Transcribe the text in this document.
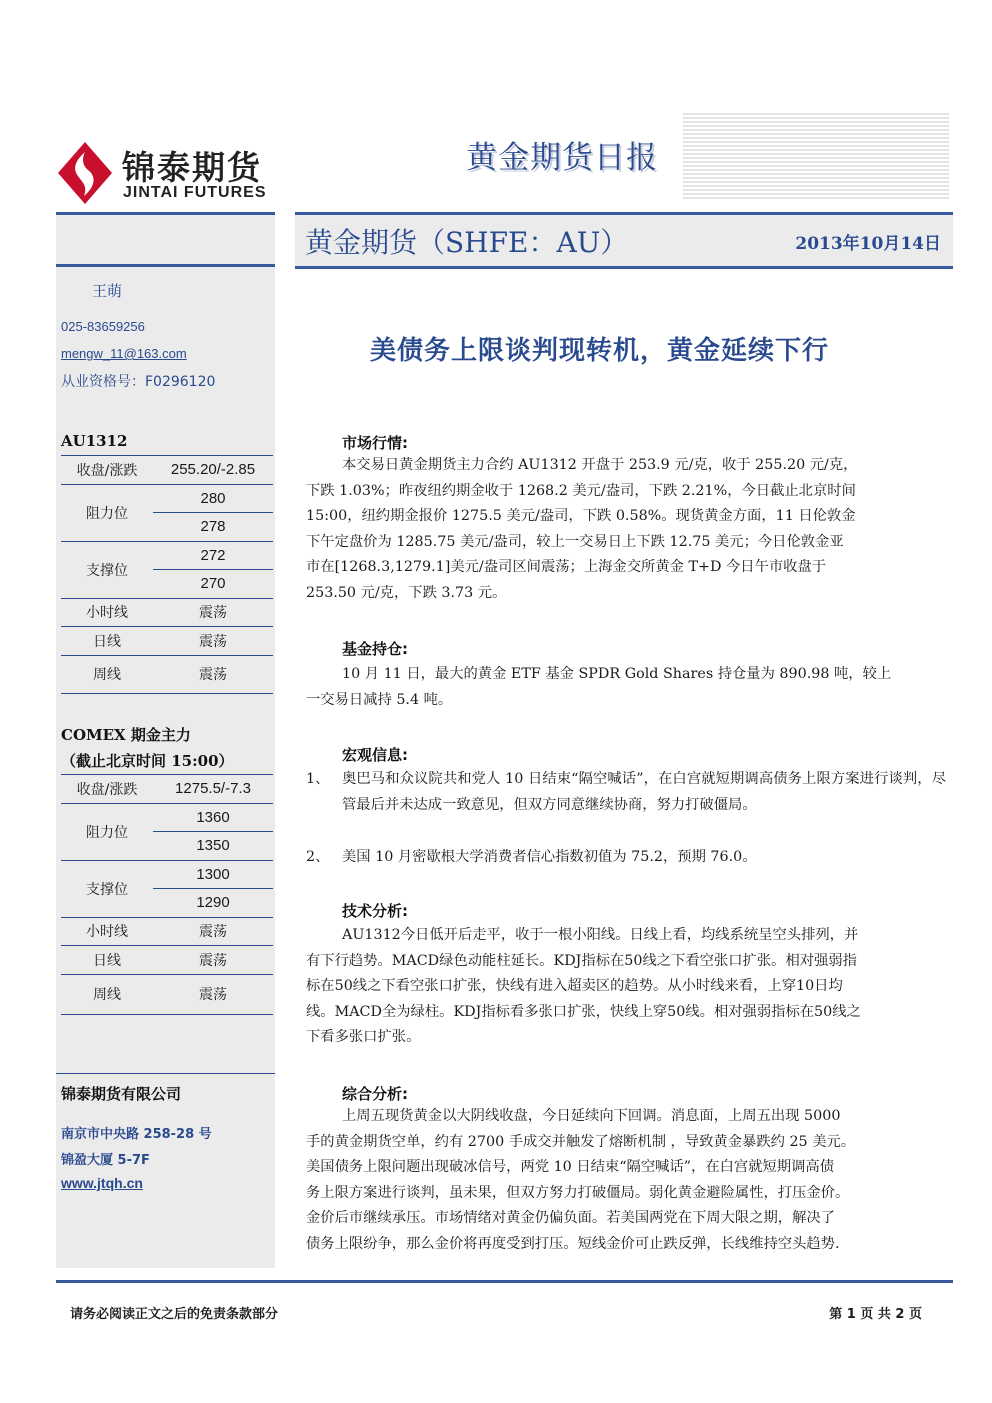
锦泰期货
JINTAI FUTURES
黄金期货日报
黄金期货（SHFE：AU）	2013年10月14日
王萌
025-83659256
mengw_11@163.com
从业资格号：F0296120
AU1312
收盘/涨跌	255.20/-2.85
阻力位	280
	278
支撑位	272
	270
小时线	震荡
日线	震荡
周线	震荡
COMEX 期金主力
（截止北京时间 15:00）
收盘/涨跌	1275.5/-7.3
阻力位	1360
	1350
支撑位	1300
	1290
小时线	震荡
日线	震荡
周线	震荡
锦泰期货有限公司
南京市中央路 258-28 号
锦盈大厦 5-7F
www.jtqh.cn
美债务上限谈判现转机，黄金延续下行
市场行情:
本交易日黄金期货主力合约 AU1312 开盘于 253.9 元/克，收于 255.20 元/克，
下跌 1.03%；昨夜纽约期金收于 1268.2 美元/盎司，下跌 2.21%，今日截止北京时间
15:00，纽约期金报价 1275.5 美元/盎司，下跌 0.58%。现货黄金方面，11 日伦敦金
下午定盘价为 1285.75 美元/盎司，较上一交易日上下跌 12.75 美元；今日伦敦金亚
市在[1268.3,1279.1]美元/盎司区间震荡；上海金交所黄金 T+D 今日午市收盘于
253.50 元/克，下跌 3.73 元。
基金持仓:
10 月 11 日，最大的黄金 ETF 基金 SPDR Gold Shares 持仓量为 890.98 吨，较上
一交易日减持 5.4 吨。
宏观信息:
1、 奥巴马和众议院共和党人 10 日结束“隔空喊话”，在白宫就短期调高债务上限方案进行谈判，尽管最后并未达成一致意见，但双方同意继续协商，努力打破僵局。
2、 美国 10 月密歇根大学消费者信心指数初值为 75.2，预期 76.0。
技术分析:
AU1312今日低开后走平，收于一根小阳线。日线上看，均线系统呈空头排列，并
有下行趋势。MACD绿色动能柱延长。KDJ指标在50线之下看空张口扩张。相对强弱指
标在50线之下看空张口扩张，快线有进入超卖区的趋势。从小时线来看，上穿10日均
线。MACD全为绿柱。KDJ指标看多张口扩张，快线上穿50线。相对强弱指标在50线之
下看多张口扩张。
综合分析:
上周五现货黄金以大阴线收盘，今日延续向下回调。消息面，上周五出现 5000
手的黄金期货空单，约有 2700 手成交并触发了熔断机制 ，导致黄金暴跌约 25 美元。
美国债务上限问题出现破冰信号，两党 10 日结束“隔空喊话”，在白宫就短期调高债
务上限方案进行谈判，虽未果，但双方努力打破僵局。弱化黄金避险属性，打压金价。
金价后市继续承压。市场情绪对黄金仍偏负面。若美国两党在下周大限之期，解决了
债务上限纷争，那么金价将再度受到打压。短线金价可止跌反弹，长线维持空头趋势.
请务必阅读正文之后的免责条款部分	第 1 页 共 2 页
